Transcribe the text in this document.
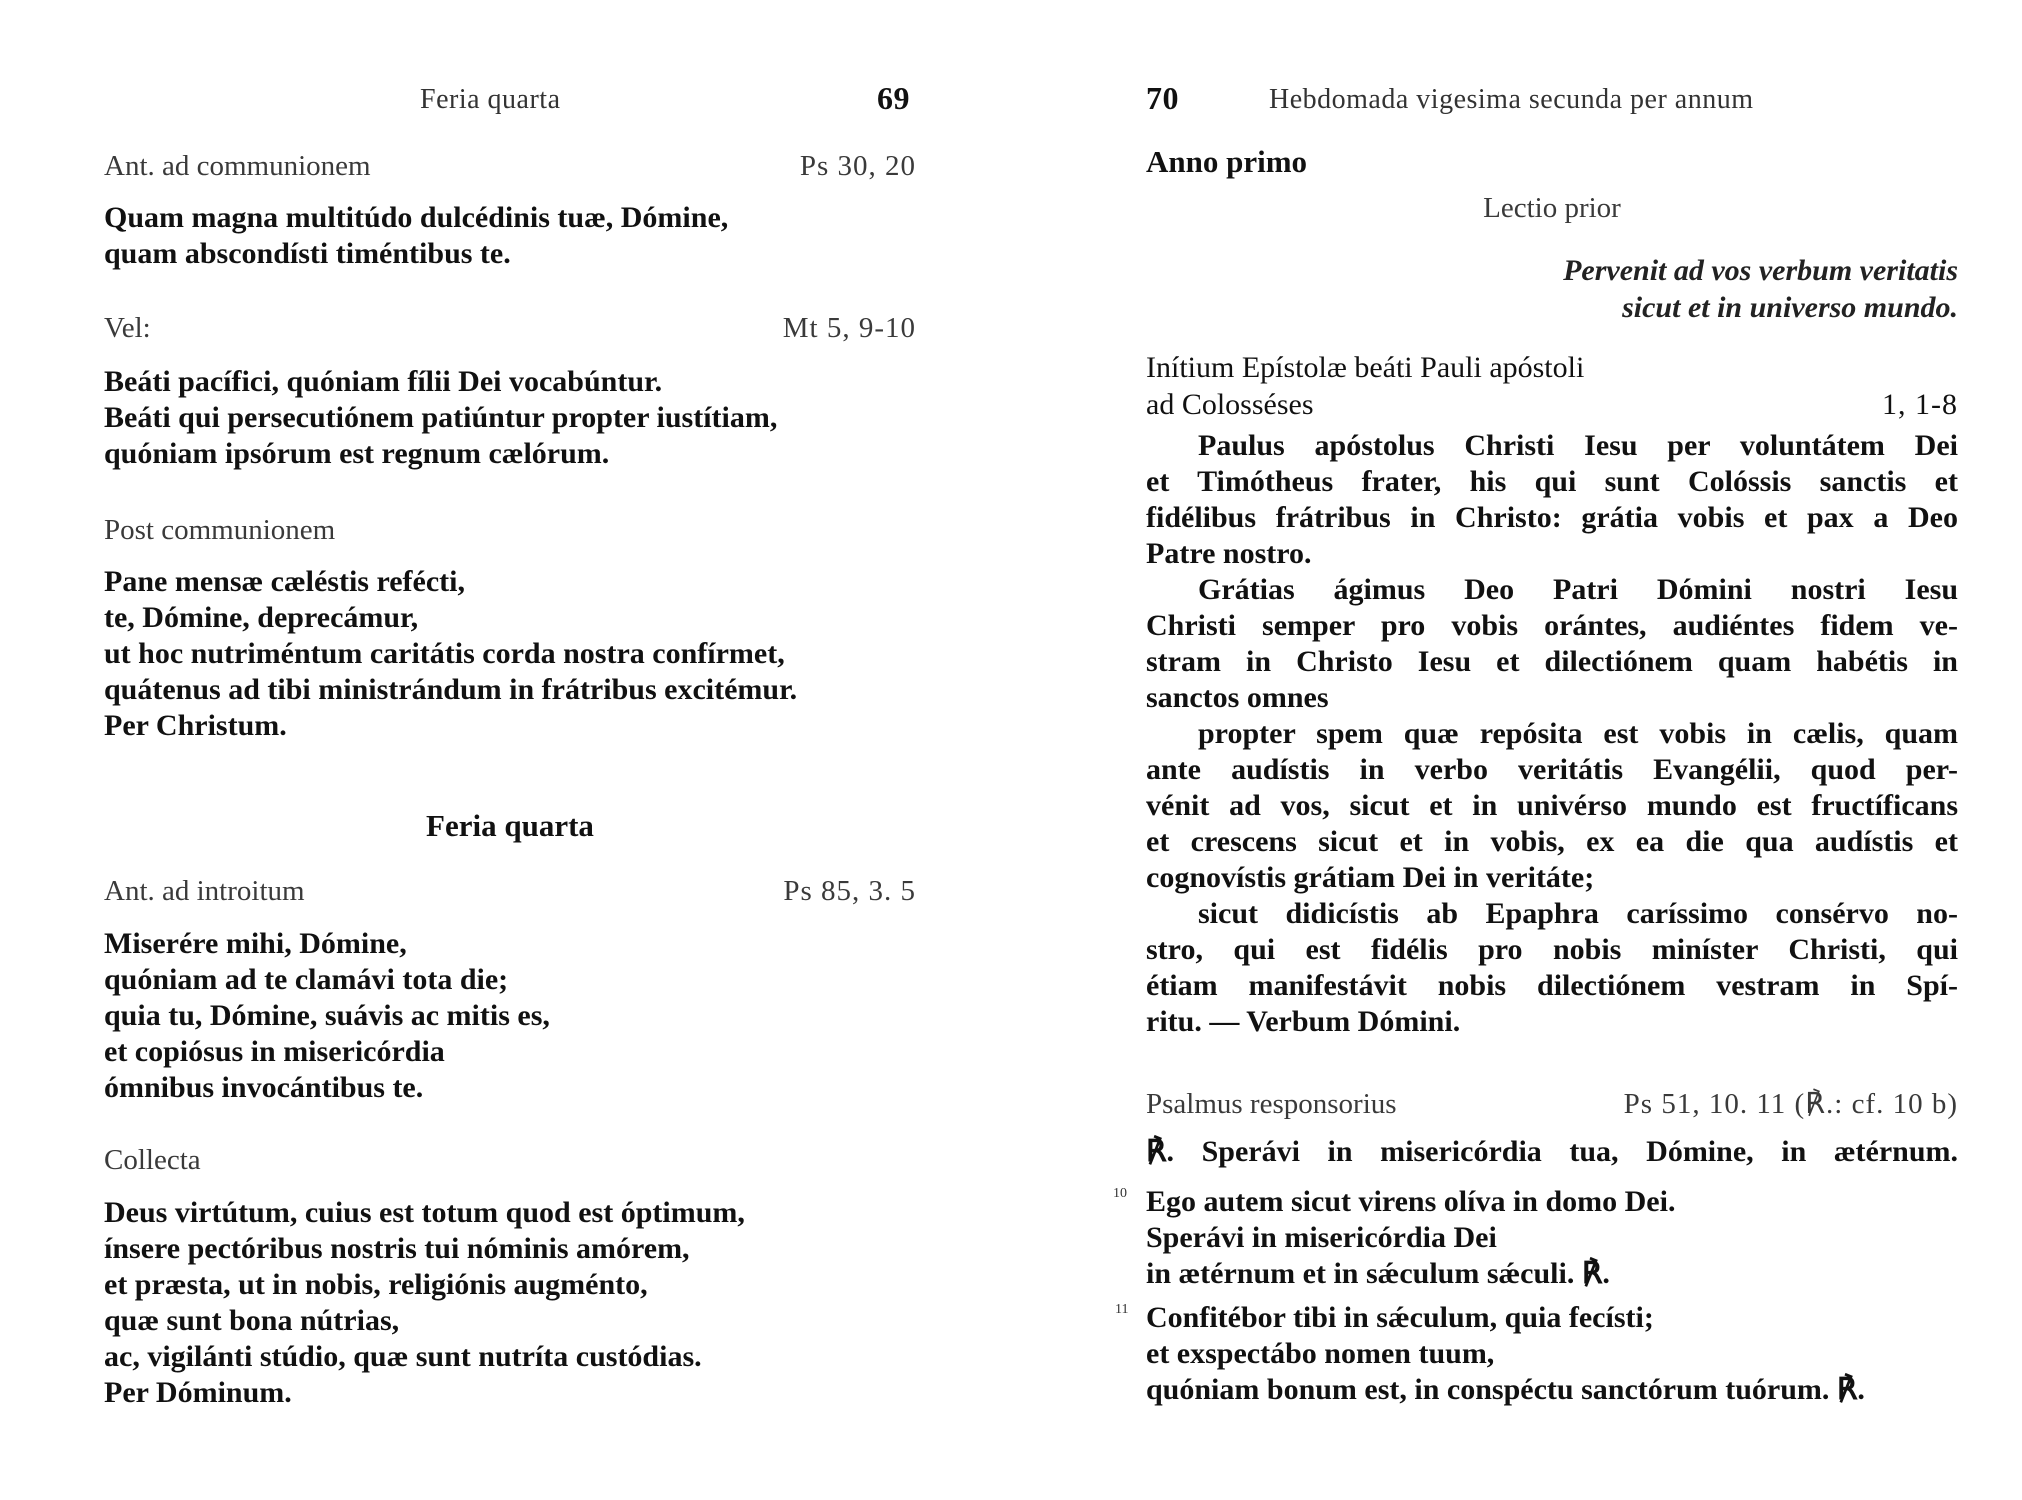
Feria quarta	69
Ant. ad communionem	Ps 30, 20
Quam magna multitúdo dulcédinis tuæ, Dómine,
quam abscondísti timéntibus te.
Vel:	Mt 5, 9-10
Beáti pacífici, quóniam fílii Dei vocabúntur.
Beáti qui persecutiónem patiúntur propter iustítiam,
quóniam ipsórum est regnum cælórum.
Post communionem
Pane mensæ cæléstis refécti,
te, Dómine, deprecámur,
ut hoc nutriméntum caritátis corda nostra confírmet,
quátenus ad tibi ministrándum in frátribus excitémur.
Per Christum.
Feria quarta
Ant. ad introitum	Ps 85, 3. 5
Miserére mihi, Dómine,
quóniam ad te clamávi tota die;
quia tu, Dómine, suávis ac mitis es,
et copiósus in misericórdia
ómnibus invocántibus te.
Collecta
Deus virtútum, cuius est totum quod est óptimum,
ínsere pectóribus nostris tui nóminis amórem,
et præsta, ut in nobis, religiónis augménto,
quæ sunt bona nútrias,
ac, vigilánti stúdio, quæ sunt nutríta custódias.
Per Dóminum.
70	Hebdomada vigesima secunda per annum
Anno primo
Lectio prior
Pervenit ad vos verbum veritatis
sicut et in universo mundo.
Inítium Epístolæ beáti Pauli apóstoli
ad Colosséses	1, 1-8
Paulus apóstolus Christi Iesu per voluntátem Dei
et Timótheus frater, his qui sunt Colóssis sanctis et
fidélibus frátribus in Christo: grátia vobis et pax a Deo
Patre nostro.
Grátias ágimus Deo Patri Dómini nostri Iesu
Christi semper pro vobis orántes, audiéntes fidem ve-
stram in Christo Iesu et dilectiónem quam habétis in
sanctos omnes
propter spem quæ repósita est vobis in cælis, quam
ante audístis in verbo veritátis Evangélii, quod per-
vénit ad vos, sicut et in univérso mundo est fructíficans
et crescens sicut et in vobis, ex ea die qua audístis et
cognovístis grátiam Dei in veritáte;
sicut didicístis ab Epaphra caríssimo consérvo no-
stro, qui est fidélis pro nobis miníster Christi, qui
étiam manifestávit nobis dilectiónem vestram in Spí-
ritu. — Verbum Dómini.
Psalmus responsorius	Ps 51, 10. 11 (℟.: cf. 10 b)
℟. Sperávi in misericórdia tua, Dómine, in ætérnum.
10 Ego autem sicut virens olíva in domo Dei.
Sperávi in misericórdia Dei
in ætérnum et in sǽculum sǽculi. ℟.
11 Confitébor tibi in sǽculum, quia fecísti;
et exspectábo nomen tuum,
quóniam bonum est, in conspéctu sanctórum tuórum. ℟.
